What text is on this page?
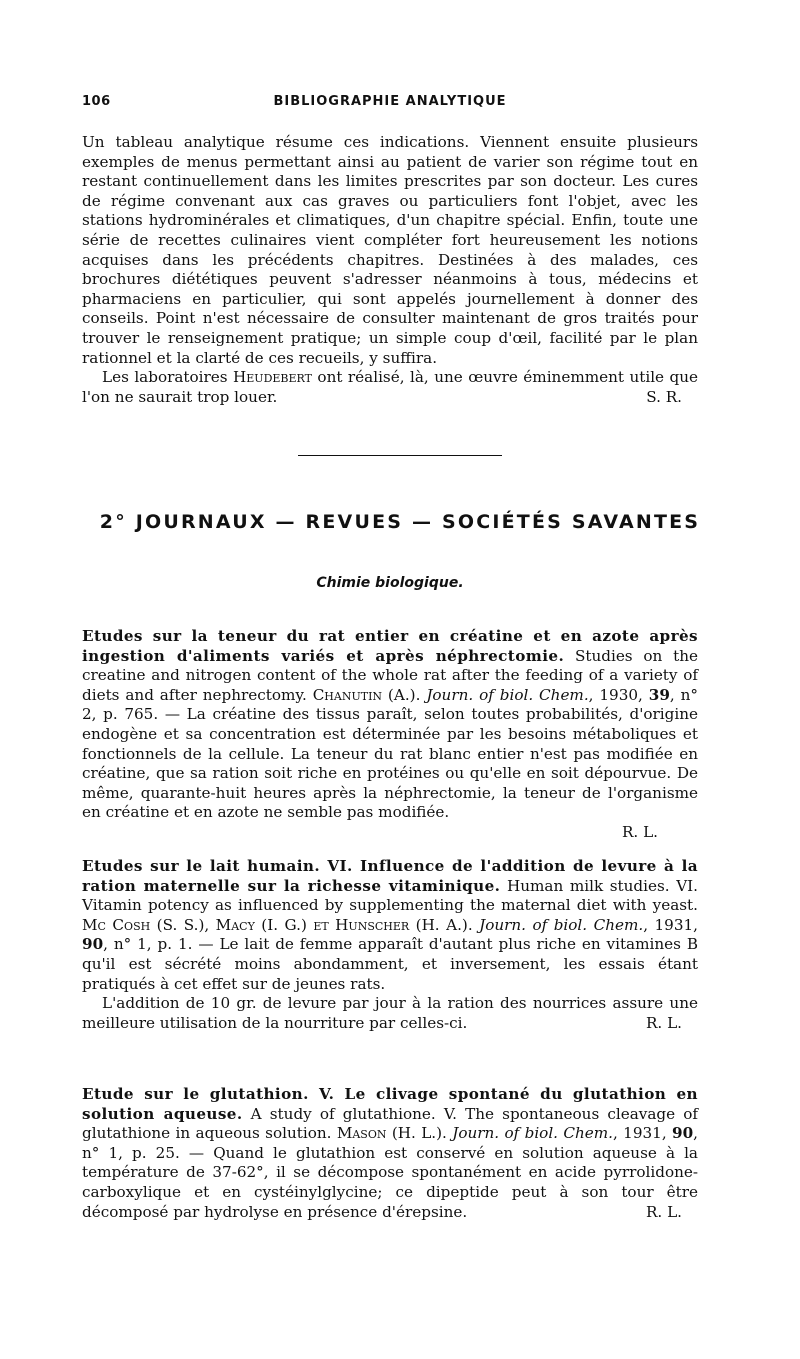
106	BIBLIOGRAPHIE ANALYTIQUE

Un tableau analytique résume ces indications. Viennent ensuite plusieurs exemples de menus permettant ainsi au patient de varier son régime tout en restant continuellement dans les limites prescrites par son docteur. Les cures de régime convenant aux cas graves ou particuliers font l'objet, avec les stations hydrominérales et climatiques, d'un chapitre spécial. Enfin, toute une série de recettes culinaires vient compléter fort heureusement les notions acquises dans les précédents chapitres. Destinées à des malades, ces brochures diététiques peuvent s'adresser néanmoins à tous, médecins et pharmaciens en particulier, qui sont appelés journellement à donner des conseils. Point n'est nécessaire de consulter maintenant de gros traités pour trouver le renseignement pratique; un simple coup d'œil, facilité par le plan rationnel et la clarté de ces recueils, y suffira.

Les laboratoires Heudebert ont réalisé, là, une œuvre éminemment utile que l'on ne saurait trop louer.	S. R.

2° JOURNAUX — REVUES — SOCIÉTÉS SAVANTES
Chimie biologique.

Etudes sur la teneur du rat entier en créatine et en azote après ingestion d'aliments variés et après néphrectomie. Studies on the creatine and nitrogen content of the whole rat after the feeding of a variety of diets and after nephrectomy. Chanutin (A.). Journ. of biol. Chem., 1930, 39, n° 2, p. 765. — La créatine des tissus paraît, selon toutes probabilités, d'origine endogène et sa concentration est déterminée par les besoins métaboliques et fonctionnels de la cellule. La teneur du rat blanc entier n'est pas modifiée en créatine, que sa ration soit riche en protéines ou qu'elle en soit dépourvue. De même, quarante-huit heures après la néphrectomie, la teneur de l'organisme en créatine et en azote ne semble pas modifiée.

R. L.

Etudes sur le lait humain. VI. Influence de l'addition de levure à la ration maternelle sur la richesse vitaminique. Human milk studies. VI. Vitamin potency as influenced by supplementing the maternal diet with yeast. Mc Cosh (S. S.), Macy (I. G.) et Hunscher (H. A.). Journ. of biol. Chem., 1931, 90, n° 1, p. 1. — Le lait de femme apparaît d'autant plus riche en vitamines B qu'il est sécrété moins abondamment, et inversement, les essais étant pratiqués à cet effet sur de jeunes rats.

L'addition de 10 gr. de levure par jour à la ration des nourrices assure une meilleure utilisation de la nourriture par celles-ci.	R. L.

Etude sur le glutathion. V. Le clivage spontané du glutathion en solution aqueuse. A study of glutathione. V. The spontaneous cleavage of glutathione in aqueous solution. Mason (H. L.). Journ. of biol. Chem., 1931, 90, n° 1, p. 25. — Quand le glutathion est conservé en solution aqueuse à la température de 37-62°, il se décompose spontanément en acide pyrrolidone-carboxylique et en cystéinylglycine; ce dipeptide peut à son tour être décomposé par hydrolyse en présence d'érepsine.	R. L.
